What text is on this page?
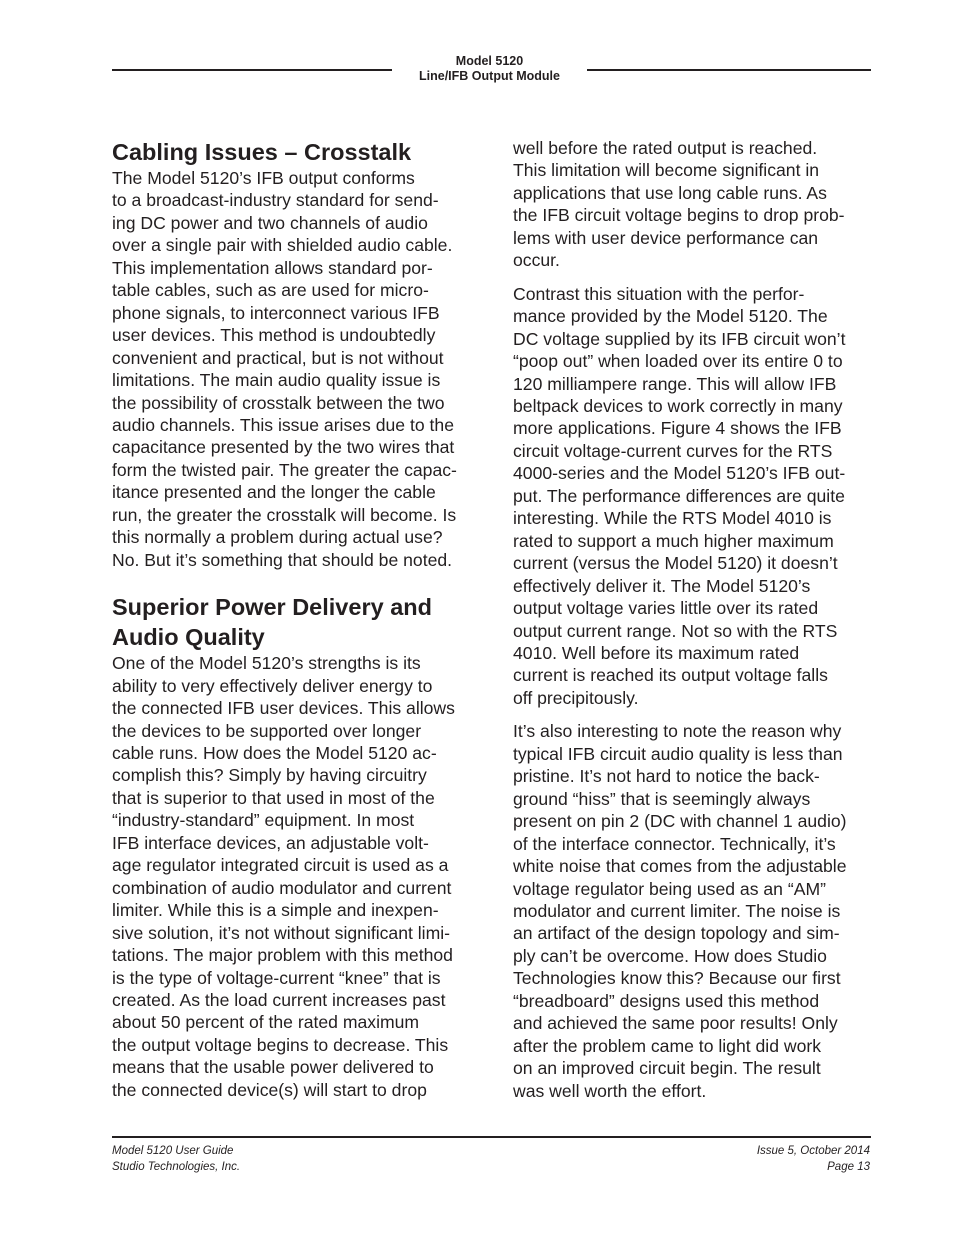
Model 5120
Line/IFB Output Module
Cabling Issues – Crosstalk
The Model 5120’s IFB output conforms
to a broadcast-industry standard for send-
ing DC power and two channels of audio
over a single pair with shielded audio cable.
This implementation allows standard por-
table cables, such as are used for micro-
phone signals, to interconnect various IFB
user devices. This method is undoubtedly
convenient and practical, but is not without
limitations. The main audio quality issue is
the possibility of crosstalk between the two
audio channels. This issue arises due to the
capacitance presented by the two wires that
form the twisted pair. The greater the capac-
itance presented and the longer the cable
run, the greater the crosstalk will become. Is
this normally a problem during actual use?
No. But it’s something that should be noted.
Superior Power Delivery and
Audio Quality
One of the Model 5120’s strengths is its
ability to very effectively deliver energy to
the connected IFB user devices. This allows
the devices to be supported over longer
cable runs. How does the Model 5120 ac-
complish this? Simply by having circuitry
that is superior to that used in most of the
“industry-standard” equipment. In most
IFB interface devices, an adjustable volt-
age regulator integrated circuit is used as a
combination of audio modulator and current
limiter. While this is a simple and inexpen-
sive solution, it’s not without significant limi-
tations. The major problem with this method
is the type of voltage-current “knee” that is
created. As the load current increases past
about 50 percent of the rated maximum
the output voltage begins to decrease. This
means that the usable power delivered to
the connected device(s) will start to drop
well before the rated output is reached.
This limitation will become significant in
applications that use long cable runs. As
the IFB circuit voltage begins to drop prob-
lems with user device performance can
occur.
Contrast this situation with the perfor-
mance provided by the Model 5120. The
DC voltage supplied by its IFB circuit won’t
“poop out” when loaded over its entire 0 to
120 milliampere range. This will allow IFB
beltpack devices to work correctly in many
more applications. Figure 4 shows the IFB
circuit voltage-current curves for the RTS
4000-series and the Model 5120’s IFB out-
put. The performance differences are quite
interesting. While the RTS Model 4010 is
rated to support a much higher maximum
current (versus the Model 5120) it doesn’t
effectively deliver it. The Model 5120’s
output voltage varies little over its rated
output current range. Not so with the RTS
4010. Well before its maximum rated
current is reached its output voltage falls
off precipitously.
It’s also interesting to note the reason why
typical IFB circuit audio quality is less than
pristine. It’s not hard to notice the back-
ground “hiss” that is seemingly always
present on pin 2 (DC with channel 1 audio)
of the interface connector. Technically, it’s
white noise that comes from the adjustable
voltage regulator being used as an “AM”
modulator and current limiter. The noise is
an artifact of the design topology and sim-
ply can’t be overcome. How does Studio
Technologies know this? Because our first
“breadboard” designs used this method
and achieved the same poor results! Only
after the problem came to light did work
on an improved circuit begin. The result
was well worth the effort.
Model 5120 User Guide
Studio Technologies, Inc.
Issue 5, October 2014
Page 13
